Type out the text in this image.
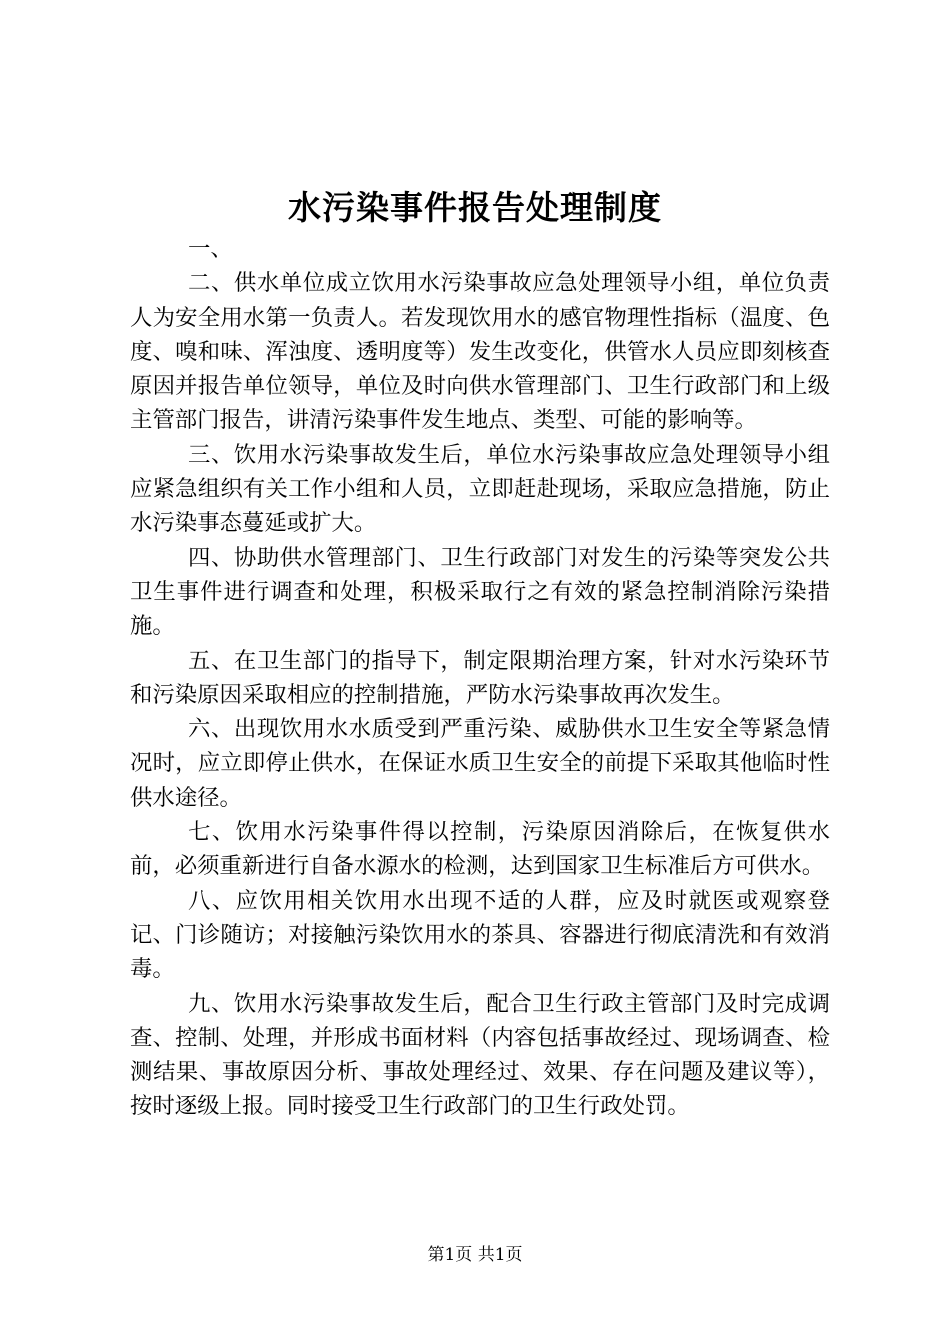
水污染事件报告处理制度

一、

二、供水单位成立饮用水污染事故应急处理领导小组，单位负责人为安全用水第一负责人。若发现饮用水的感官物理性指标（温度、色度、嗅和味、浑浊度、透明度等）发生改变化，供管水人员应即刻核查原因并报告单位领导，单位及时向供水管理部门、卫生行政部门和上级主管部门报告，讲清污染事件发生地点、类型、可能的影响等。

三、饮用水污染事故发生后，单位水污染事故应急处理领导小组应紧急组织有关工作小组和人员，立即赶赴现场，采取应急措施，防止水污染事态蔓延或扩大。

四、协助供水管理部门、卫生行政部门对发生的污染等突发公共卫生事件进行调查和处理，积极采取行之有效的紧急控制消除污染措施。

五、在卫生部门的指导下，制定限期治理方案，针对水污染环节和污染原因采取相应的控制措施，严防水污染事故再次发生。

六、出现饮用水水质受到严重污染、威胁供水卫生安全等紧急情况时，应立即停止供水，在保证水质卫生安全的前提下采取其他临时性供水途径。

七、饮用水污染事件得以控制，污染原因消除后，在恢复供水前，必须重新进行自备水源水的检测，达到国家卫生标准后方可供水。

八、应饮用相关饮用水出现不适的人群，应及时就医或观察登记、门诊随访；对接触污染饮用水的茶具、容器进行彻底清洗和有效消毒。

九、饮用水污染事故发生后，配合卫生行政主管部门及时完成调查、控制、处理，并形成书面材料（内容包括事故经过、现场调查、检测结果、事故原因分析、事故处理经过、效果、存在问题及建议等），按时逐级上报。同时接受卫生行政部门的卫生行政处罚。

第1页 共1页
